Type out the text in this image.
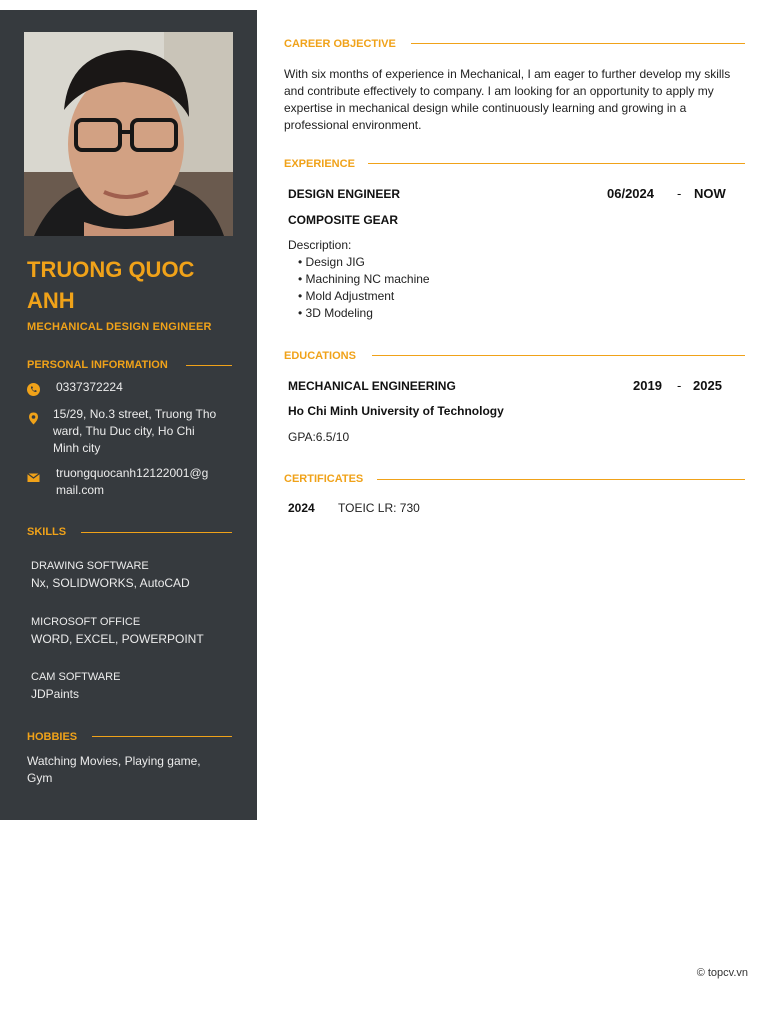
TRUONG QUOC ANH
MECHANICAL DESIGN ENGINEER
PERSONAL INFORMATION
0337372224
15/29, No.3 street, Truong Tho ward, Thu Duc city, Ho Chi Minh city
truongquocanh12122001@gmail.com
SKILLS
DRAWING SOFTWARE
Nx, SOLIDWORKS, AutoCAD
MICROSOFT OFFICE
WORD, EXCEL, POWERPOINT
CAM SOFTWARE
JDPaints
HOBBIES
Watching Movies, Playing game, Gym
CAREER OBJECTIVE
With six months of experience in Mechanical, I am eager to further develop my skills and contribute effectively to company. I am looking for an opportunity to apply my expertise in mechanical design while continuously learning and growing in a professional environment.
EXPERIENCE
DESIGN ENGINEER	06/2024 - NOW
COMPOSITE GEAR
Description:
• Design JIG
• Machining NC machine
• Mold Adjustment
• 3D Modeling
EDUCATIONS
MECHANICAL ENGINEERING	2019 - 2025
Ho Chi Minh University of Technology
GPA:6.5/10
CERTIFICATES
2024 TOEIC LR: 730
© topcv.vn
